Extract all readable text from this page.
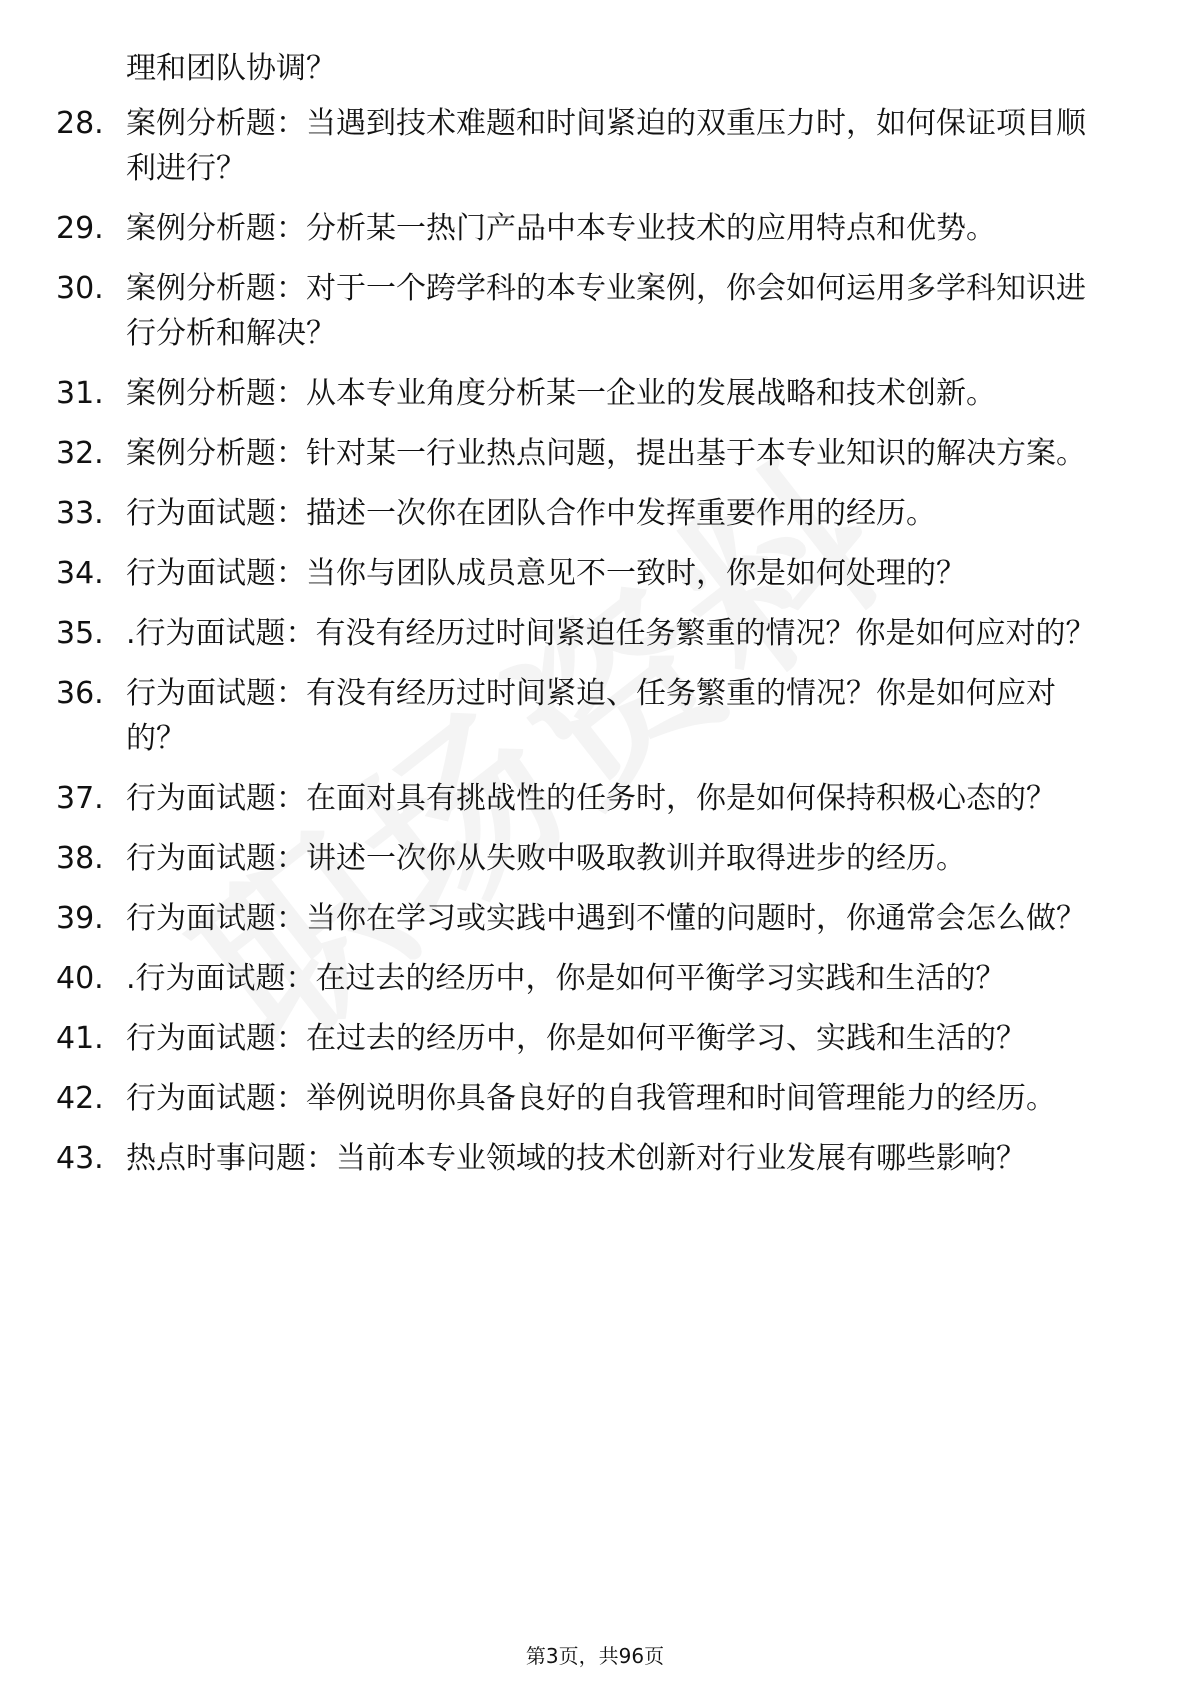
理和团队协调？
28. 案例分析题：当遇到技术难题和时间紧迫的双重压力时，如何保证项目顺利进行？
29. 案例分析题：分析某一热门产品中本专业技术的应用特点和优势。
30. 案例分析题：对于一个跨学科的本专业案例，你会如何运用多学科知识进行分析和解决？
31. 案例分析题：从本专业角度分析某一企业的发展战略和技术创新。
32. 案例分析题：针对某一行业热点问题，提出基于本专业知识的解决方案。
33. 行为面试题：描述一次你在团队合作中发挥重要作用的经历。
34. 行为面试题：当你与团队成员意见不一致时，你是如何处理的？
35. .行为面试题：有没有经历过时间紧迫任务繁重的情况？你是如何应对的？
36. 行为面试题：有没有经历过时间紧迫、任务繁重的情况？你是如何应对的？
37. 行为面试题：在面对具有挑战性的任务时，你是如何保持积极心态的？
38. 行为面试题：讲述一次你从失败中吸取教训并取得进步的经历。
39. 行为面试题：当你在学习或实践中遇到不懂的问题时，你通常会怎么做？
40. .行为面试题：在过去的经历中，你是如何平衡学习实践和生活的？
41. 行为面试题：在过去的经历中，你是如何平衡学习、实践和生活的？
42. 行为面试题：举例说明你具备良好的自我管理和时间管理能力的经历。
43. 热点时事问题：当前本专业领域的技术创新对行业发展有哪些影响？
第3页，共96页
